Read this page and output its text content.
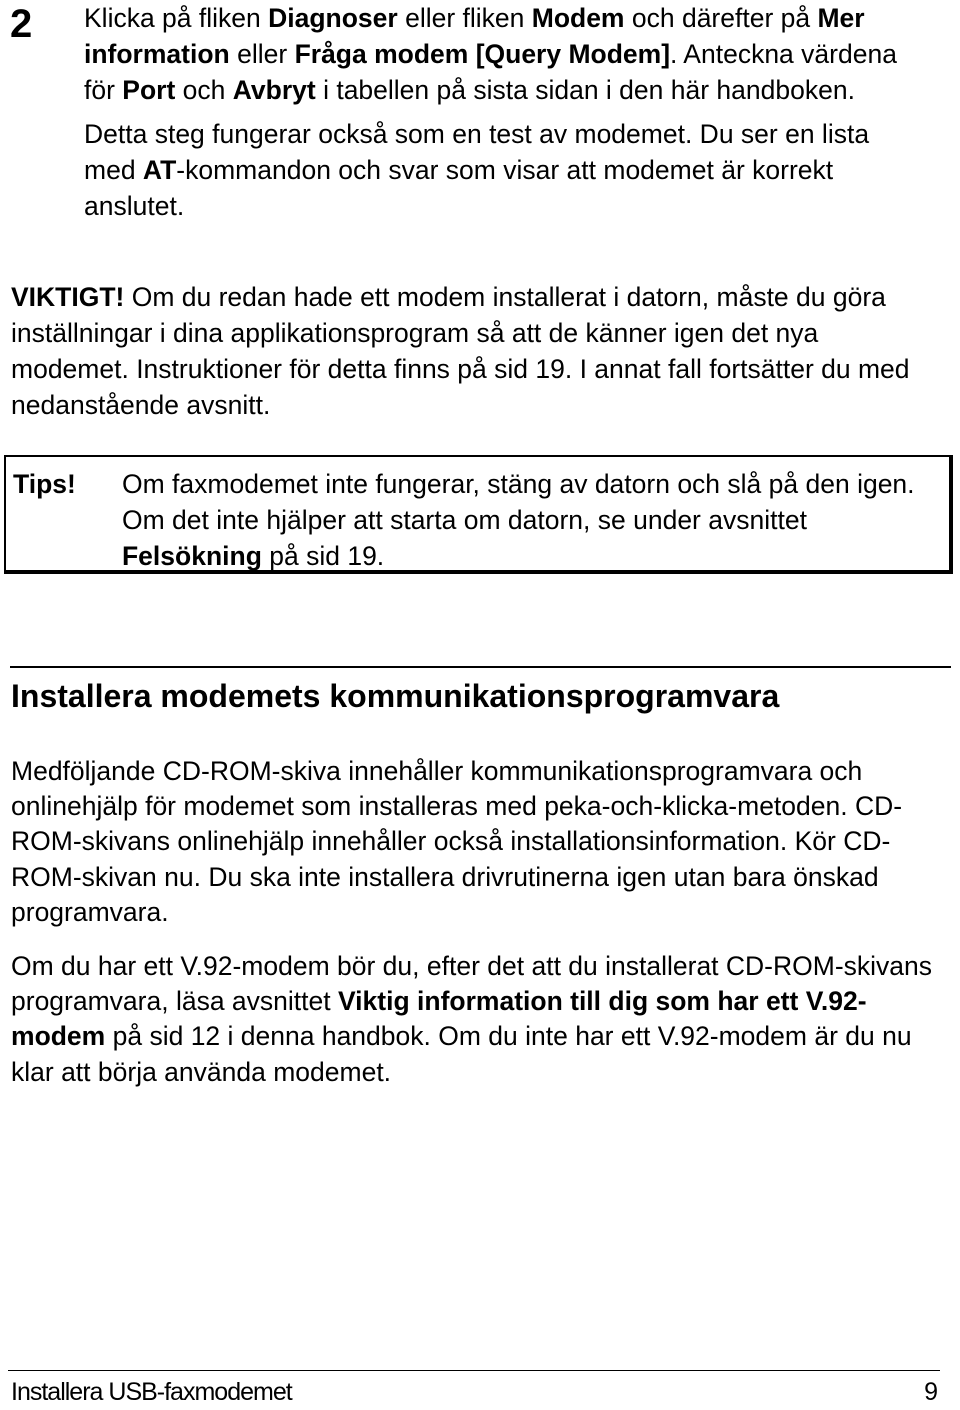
2 Klicka på fliken Diagnoser eller fliken Modem och därefter på Mer information eller Fråga modem [Query Modem]. Anteckna värdena för Port och Avbryt i tabellen på sista sidan i den här handboken.

Detta steg fungerar också som en test av modemet. Du ser en lista med AT-kommandon och svar som visar att modemet är korrekt anslutet.

VIKTIGT! Om du redan hade ett modem installerat i datorn, måste du göra inställningar i dina applikationsprogram så att de känner igen det nya modemet. Instruktioner för detta finns på sid 19. I annat fall fortsätter du med nedanstående avsnitt.

Tips! Om faxmodemet inte fungerar, stäng av datorn och slå på den igen. Om det inte hjälper att starta om datorn, se under avsnittet Felsökning på sid 19.

Installera modemets kommunikationsprogramvara

Medföljande CD-ROM-skiva innehåller kommunikationsprogramvara och onlinehjälp för modemet som installeras med peka-och-klicka-metoden. CD-ROM-skivans onlinehjälp innehåller också installationsinformation. Kör CD-ROM-skivan nu. Du ska inte installera drivrutinerna igen utan bara önskad programvara.

Om du har ett V.92-modem bör du, efter det att du installerat CD-ROM-skivans programvara, läsa avsnittet Viktig information till dig som har ett V.92-modem på sid 12 i denna handbok. Om du inte har ett V.92-modem är du nu klar att börja använda modemet.

Installera USB-faxmodemet	9
